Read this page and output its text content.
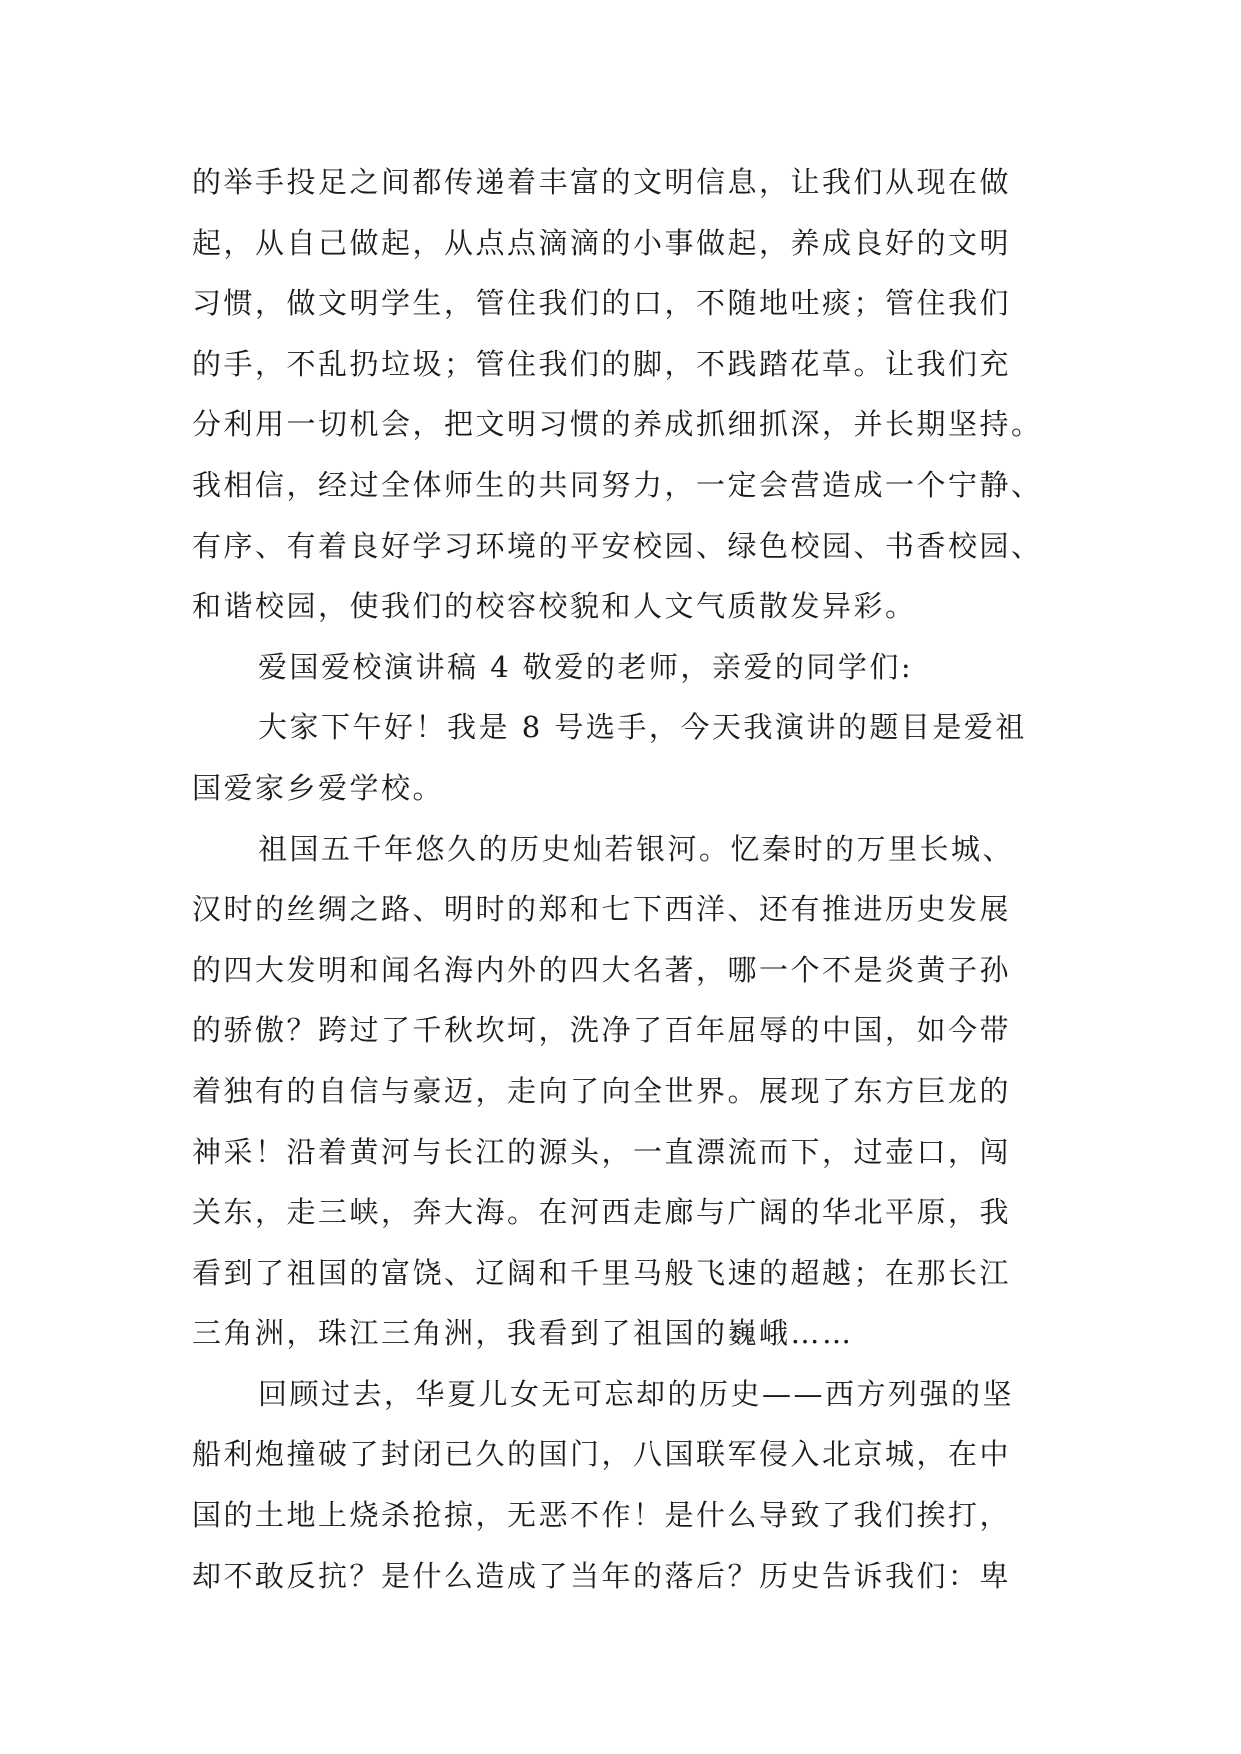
的举手投足之间都传递着丰富的文明信息，让我们从现在做
起，从自己做起，从点点滴滴的小事做起，养成良好的文明
习惯，做文明学生，管住我们的口，不随地吐痰；管住我们
的手，不乱扔垃圾；管住我们的脚，不践踏花草。让我们充
分利用一切机会，把文明习惯的养成抓细抓深，并长期坚持。
我相信，经过全体师生的共同努力，一定会营造成一个宁静、
有序、有着良好学习环境的平安校园、绿色校园、书香校园、
和谐校园，使我们的校容校貌和人文气质散发异彩。
爱国爱校演讲稿 4 敬爱的老师，亲爱的同学们:
大家下午好！我是 8 号选手，今天我演讲的题目是爱祖
国爱家乡爱学校。
祖国五千年悠久的历史灿若银河。忆秦时的万里长城、
汉时的丝绸之路、明时的郑和七下西洋、还有推进历史发展
的四大发明和闻名海内外的四大名著，哪一个不是炎黄子孙
的骄傲？跨过了千秋坎坷，洗净了百年屈辱的中国，如今带
着独有的自信与豪迈，走向了向全世界。展现了东方巨龙的
神采！沿着黄河与长江的源头，一直漂流而下，过壶口，闯
关东，走三峡，奔大海。在河西走廊与广阔的华北平原，我
看到了祖国的富饶、辽阔和千里马般飞速的超越；在那长江
三角洲，珠江三角洲，我看到了祖国的巍峨……
回顾过去，华夏儿女无可忘却的历史——西方列强的坚
船利炮撞破了封闭已久的国门，八国联军侵入北京城，在中
国的土地上烧杀抢掠，无恶不作！是什么导致了我们挨打，
却不敢反抗？是什么造成了当年的落后？历史告诉我们：卑
